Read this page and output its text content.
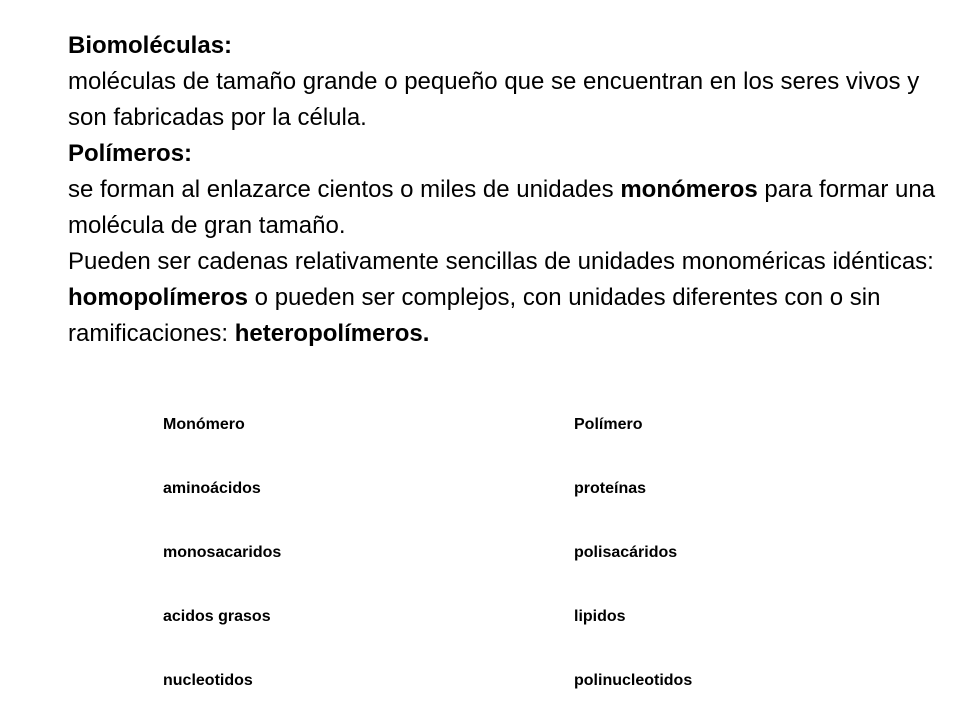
Biomoléculas:

moléculas de tamaño grande o pequeño que se encuentran en los seres vivos y son fabricadas por la célula.

Polímeros:

se forman al enlazarce cientos o miles de unidades monómeros para formar una molécula de gran tamaño.

Pueden ser cadenas relativamente sencillas de unidades monoméricas idénticas: homopolímeros o pueden ser complejos, con unidades diferentes con o sin ramificaciones: heteropolímeros.

Monómero	Polímero
aminoácidos	proteínas
monosacaridos	polisacáridos
acidos grasos	lipidos
nucleotidos	polinucleotidos
